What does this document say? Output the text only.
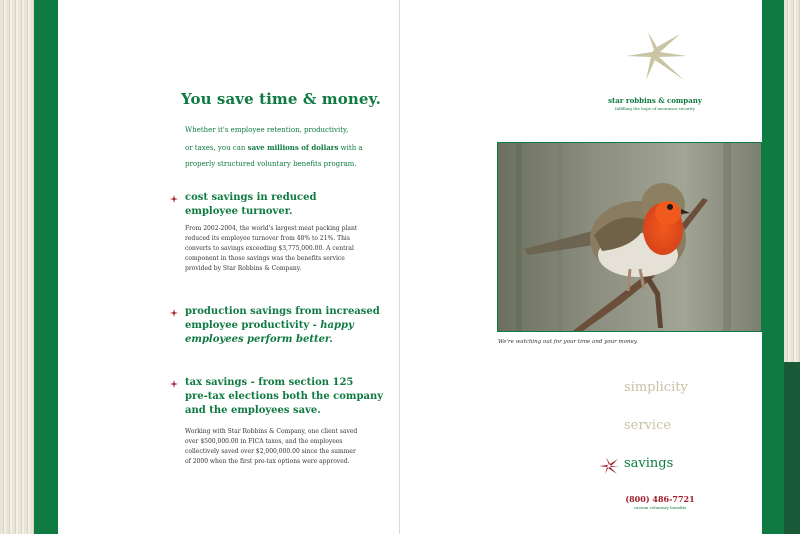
You save time & money.
Whether it's employee retention, productivity,
or taxes, you can save millions of dollars with a
properly structured voluntary benefits program.
cost savings in reduced
employee turnover.
From 2002-2004, the world's largest meat packing plant
reduced its employee turnover from 48% to 21%. This
converts to savings exceeding $3,775,000.00. A central
component in those savings was the benefits service
provided by Star Robbins & Company.
production savings from increased
employee productivity - happy
employees perform better.
tax savings - from section 125
pre-tax elections both the company
and the employees save.
Working with Star Robbins & Company, one client saved
over $500,000.00 in FICA taxes, and the employees
collectively saved over $2,000,000.00 since the summer
of 2000 when the first pre-tax options were approved.
star robbins & company
fulfilling the hope of insurance security
We're watching out for your time and your money.
simplicity
service
savings
(800) 486-7721
custom voluntary benefits
